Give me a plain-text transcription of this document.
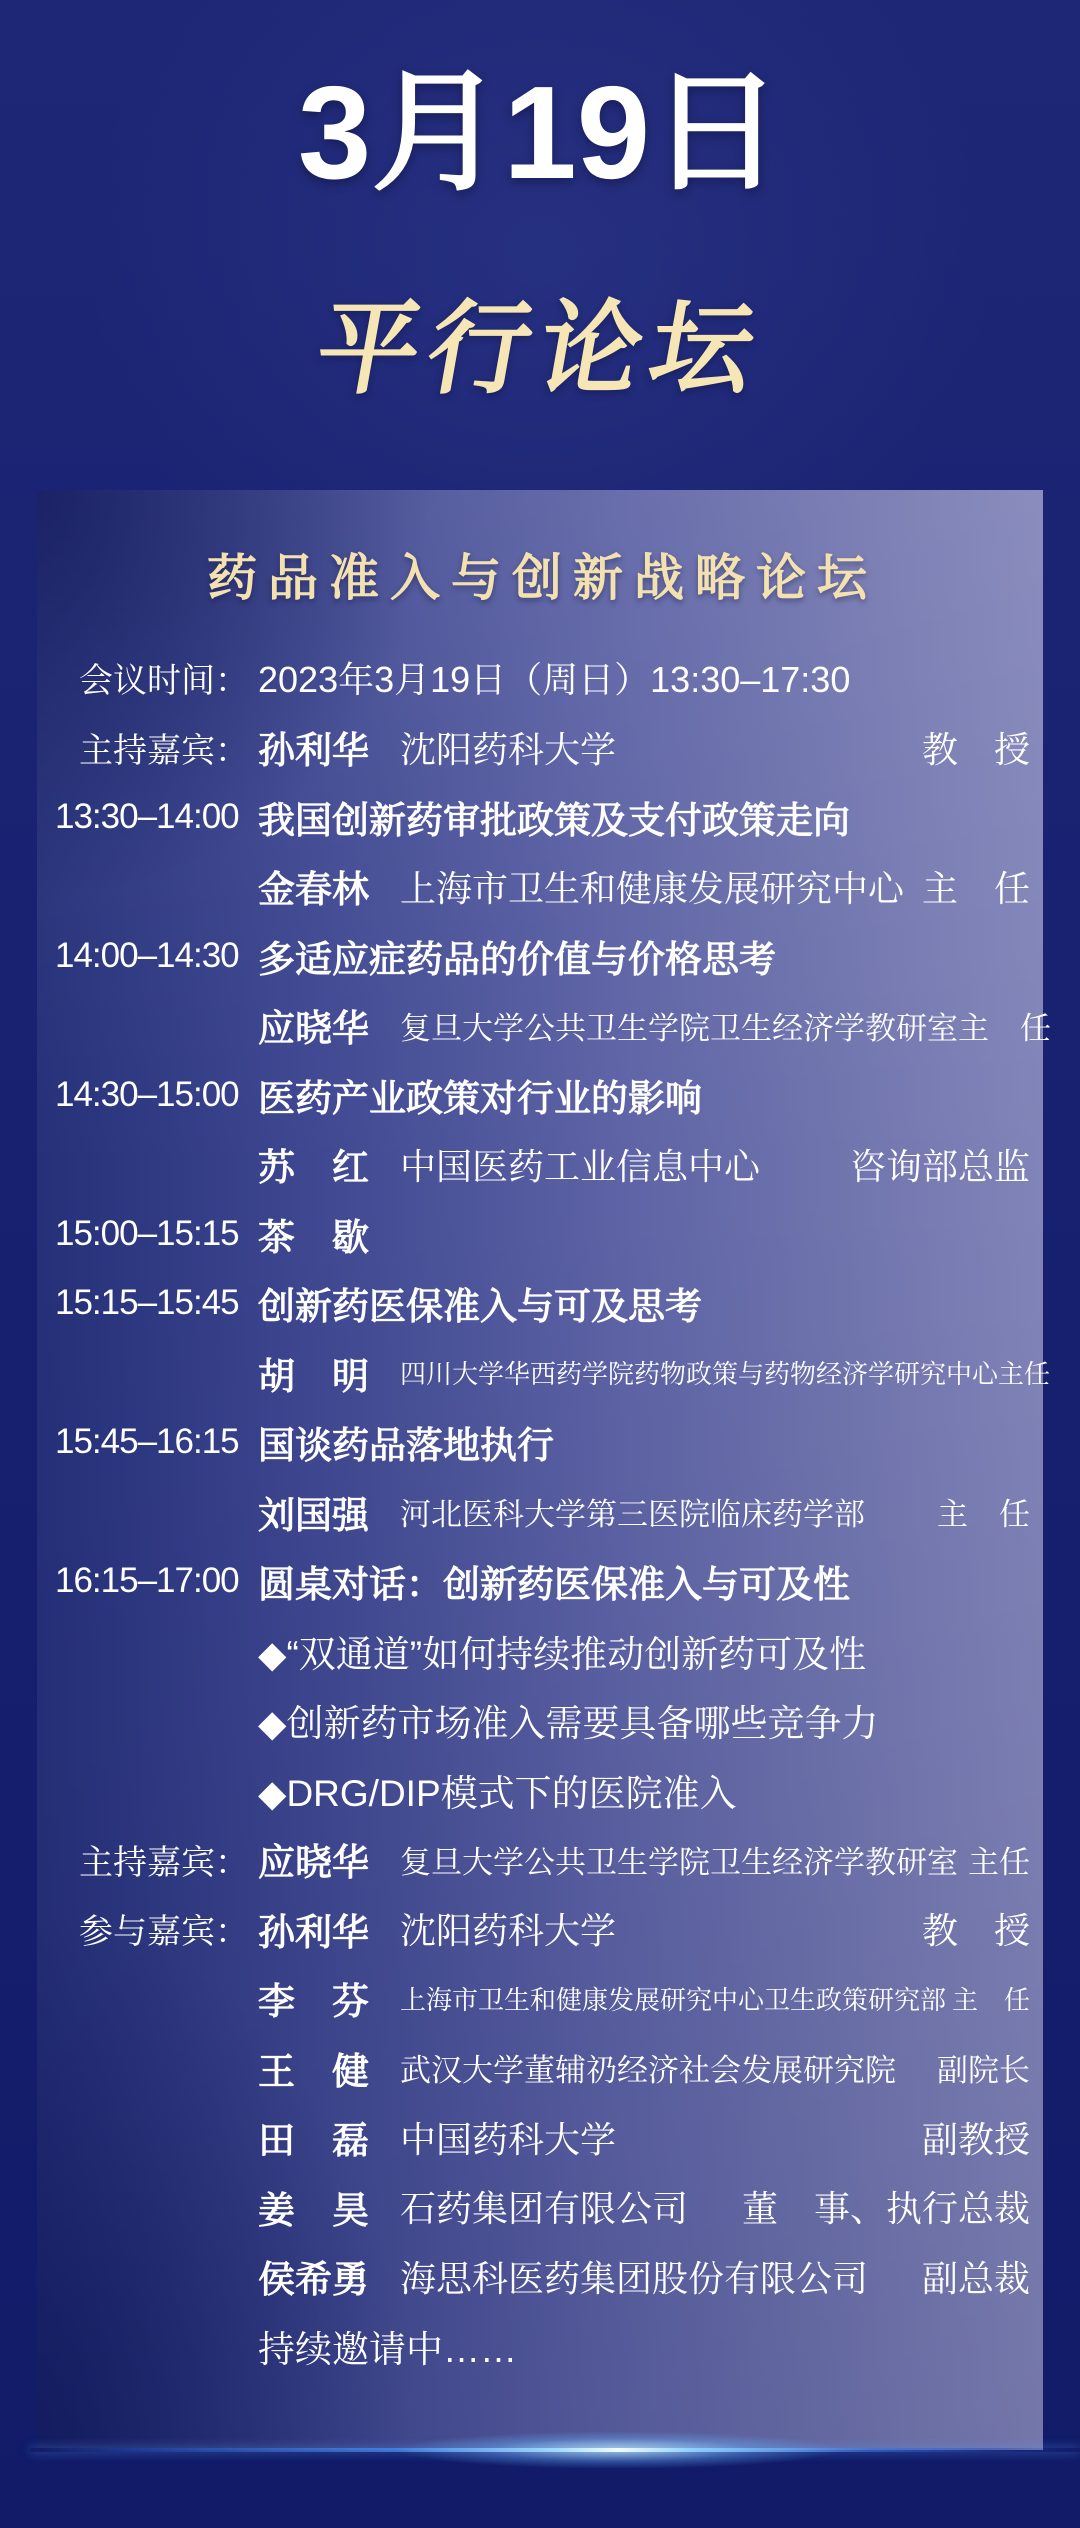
3月19日
平行论坛
药品准入与创新战略论坛
会议时间： 2023年3月19日（周日）13:30–17:30
主持嘉宾： 孙利华 沈阳药科大学	教　授
13:30–14:00 我国创新药审批政策及支付政策走向
金春林 上海市卫生和健康发展研究中心 主　任
14:00–14:30 多适应症药品的价值与价格思考
应晓华	复旦大学公共卫生学院卫生经济学教研室 主　任
14:30–15:00 医药产业政策对行业的影响
苏　红 中国医药工业信息中心 咨询部总监
15:00–15:15 茶　歇
15:15–15:45 创新药医保准入与可及思考
胡　明	四川大学华西药学院药物政策与药物经济学研究中心 主任
15:45–16:15 国谈药品落地执行
刘国强	河北医科大学第三医院临床药学部 主　任
16:15–17:00 圆桌对话：创新药医保准入与可及性
◆“双通道”如何持续推动创新药可及性
◆创新药市场准入需要具备哪些竞争力
◆DRG/DIP模式下的医院准入
主持嘉宾： 应晓华	复旦大学公共卫生学院卫生经济学教研室 主任
参与嘉宾： 孙利华 沈阳药科大学	教　授
李　芬	上海市卫生和健康发展研究中心卫生政策研究部 主　任
王　健	武汉大学董辅礽经济社会发展研究院 副院长
田　磊 中国药科大学	副教授
姜　昊 石药集团有限公司 董　事、执行总裁
侯希勇 海思科医药集团股份有限公司 副总裁
持续邀请中……
